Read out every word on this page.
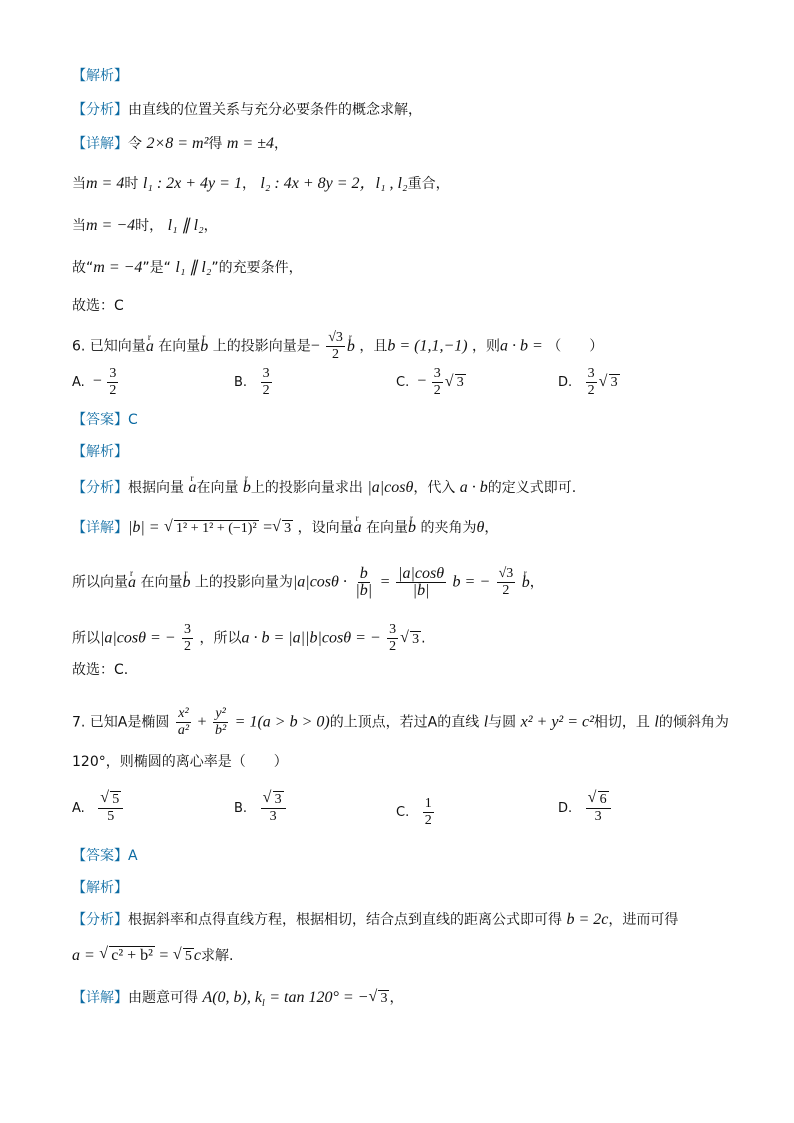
【解析】
【分析】由直线的位置关系与充分必要条件的概念求解，
【详解】令 2×8 = m²得 m = ±4，
当m = 4时 l₁ : 2x + 4y = 1， l₂ : 4x + 8y = 2，l₁ , l₂重合，
当m = −4时， l₁ ∥ l₂，
故“m = −4”是“ l₁ ∥ l₂”的充要条件，
故选：C
6. 已知向量r a 在向量r b 上的投影向量是− $\frac{√3}{2}$ r b ，且b = (1,1,−1) ，则a · b = （　　）
A. − $\frac{3}{2}$	B. $\frac{3}{2}$	C. − $\frac{3}{2}$ √ 3	D. $\frac{3}{2}$ √ 3
【答案】C
【解析】
【分析】根据向量 r a在向量 r b上的投影向量求出 |a|cosθ，代入 a · b的定义式即可.
【详解】|b| = √ 1² + 1² + (−1)² = √ 3 ，设向量r a 在向量r b 的夹角为θ，
所以向量r a 在向量r b 上的投影向量为$|a|\cos\theta \cdot \frac{b}{|b|} = \frac{|a|\cos\theta}{|b|}$ b = − $\frac{√3}{2}$ r b，
所以|a|cosθ = − $\frac{3}{2}$ ，所以a · b = |a||b|cosθ = − $\frac{3}{2}$ √ 3 .
故选：C.
7. 已知A是椭圆 $\frac{\text{x²}}{\text{a²}} + \frac{\text{y²}}{\text{b²}} = 1(a > b > 0)$的上顶点，若过A的直线 l与圆 x² + y² = c²相切，且 l的倾斜角为
120°，则椭圆的离心率是（　　）
A. √ $\frac{5}{5}$	B. √ $\frac{3}{3}$	C. $\frac{1}{2}$	D. √ $\frac{6}{3}$
【答案】A
【解析】
【分析】根据斜率和点得直线方程，根据相切，结合点到直线的距离公式即可得 b = 2c，进而可得
a = √ c² + b² = √ 5 c求解.
【详解】由题意可得 A(0, b), $k_l = \tan 120^\circ$ = − √ 3 ，
